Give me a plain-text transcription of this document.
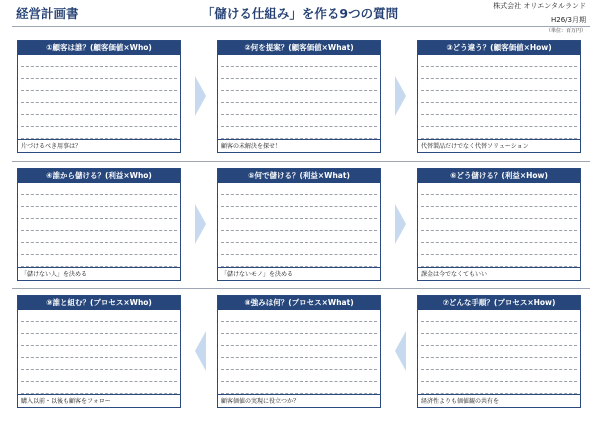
経営計画書	「儲ける仕組み」を作る9つの質問	株式会社 オリエンタルランド
H26/3月期
（単位：百万円）
①顧客は誰？(顧客価値×Who)
片づけるべき用事は？
②何を提案？(顧客価値×What)
顧客の未解決を探せ！
③どう違う？(顧客価値×How)
代替製品だけでなく代替ソリューション
④誰から儲ける？(利益×Who)
「儲けない人」を決める
⑤何で儲ける？(利益×What)
「儲けないモノ」を決める
⑥どう儲ける？(利益×How)
課金は今でなくてもいい
⑨誰と組む？(プロセス×Who)
購入以前・以後も顧客をフォロー
⑧強みは何？(プロセス×What)
顧客価値の実現に役立つか？
⑦どんな手順？(プロセス×How)
経済性よりも価値観の共有を
